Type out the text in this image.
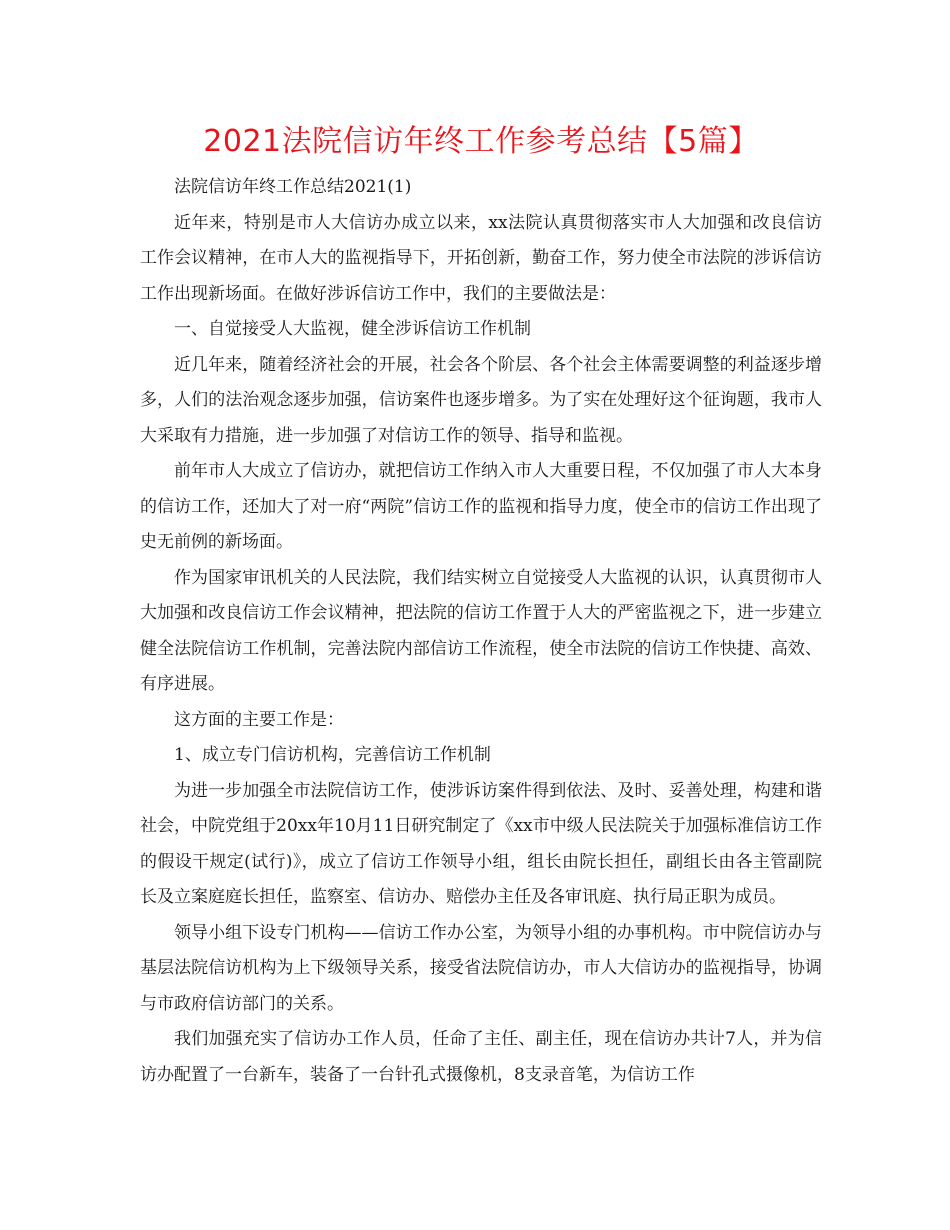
2021法院信访年终工作参考总结【5篇】

法院信访年终工作总结2021(1)

近年来，特别是市人大信访办成立以来，xx法院认真贯彻落实市人大加强和改良信访工作会议精神，在市人大的监视指导下，开拓创新，勤奋工作，努力使全市法院的涉诉信访工作出现新场面。在做好涉诉信访工作中，我们的主要做法是：

一、自觉接受人大监视，健全涉诉信访工作机制

近几年来，随着经济社会的开展，社会各个阶层、各个社会主体需要调整的利益逐步增多，人们的法治观念逐步加强，信访案件也逐步增多。为了实在处理好这个征询题，我市人大采取有力措施，进一步加强了对信访工作的领导、指导和监视。

前年市人大成立了信访办，就把信访工作纳入市人大重要日程，不仅加强了市人大本身的信访工作，还加大了对一府“两院”信访工作的监视和指导力度，使全市的信访工作出现了史无前例的新场面。

作为国家审讯机关的人民法院，我们结实树立自觉接受人大监视的认识，认真贯彻市人大加强和改良信访工作会议精神，把法院的信访工作置于人大的严密监视之下，进一步建立健全法院信访工作机制，完善法院内部信访工作流程，使全市法院的信访工作快捷、高效、有序进展。

这方面的主要工作是：

1、成立专门信访机构，完善信访工作机制

为进一步加强全市法院信访工作，使涉诉访案件得到依法、及时、妥善处理，构建和谐社会，中院党组于20xx年10月11日研究制定了《xx市中级人民法院关于加强标准信访工作的假设干规定(试行)》，成立了信访工作领导小组，组长由院长担任，副组长由各主管副院长及立案庭庭长担任，监察室、信访办、赔偿办主任及各审讯庭、执行局正职为成员。

领导小组下设专门机构——信访工作办公室，为领导小组的办事机构。市中院信访办与基层法院信访机构为上下级领导关系，接受省法院信访办，市人大信访办的监视指导，协调与市政府信访部门的关系。

我们加强充实了信访办工作人员，任命了主任、副主任，现在信访办共计7人，并为信访办配置了一台新车，装备了一台针孔式摄像机，8支录音笔，为信访工作
